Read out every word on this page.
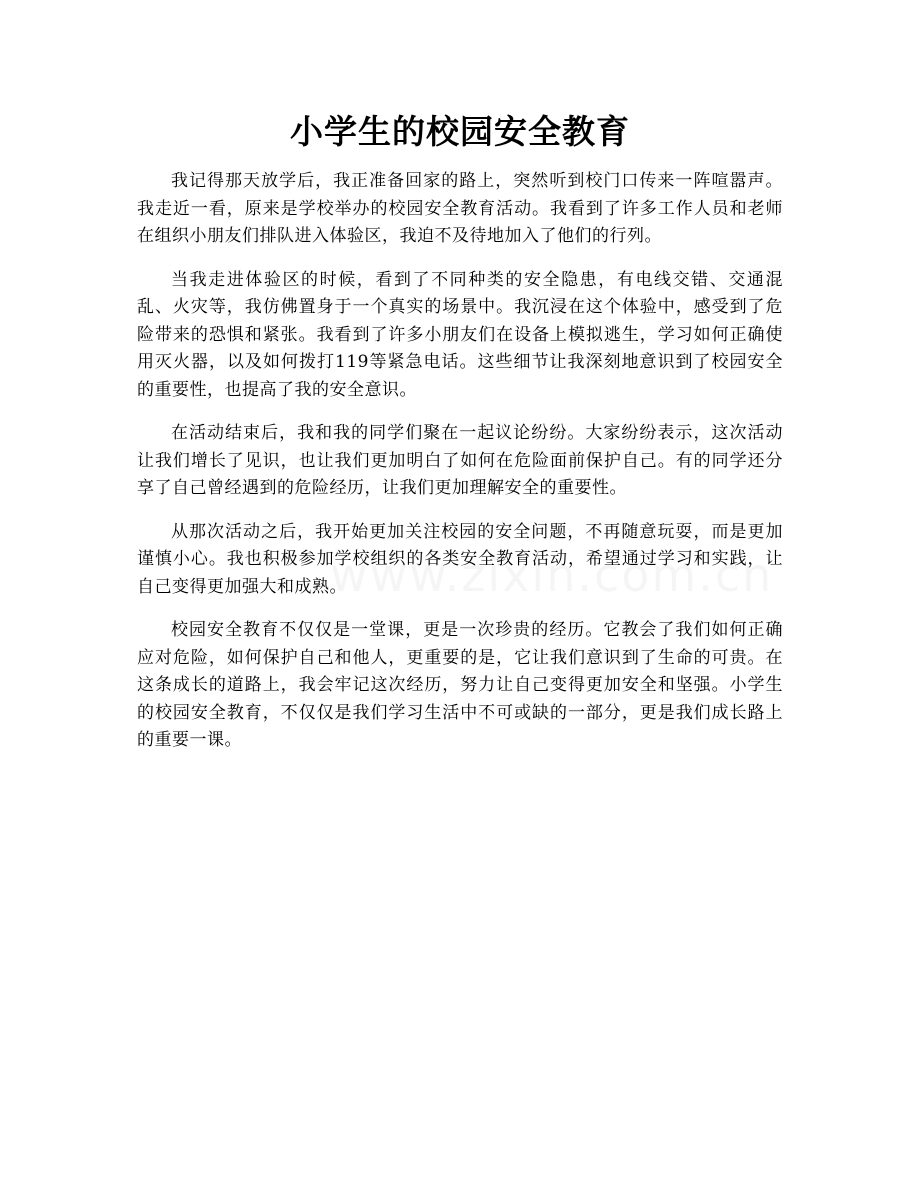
小学生的校园安全教育

我记得那天放学后，我正准备回家的路上，突然听到校门口传来一阵喧嚣声。我走近一看，原来是学校举办的校园安全教育活动。我看到了许多工作人员和老师在组织小朋友们排队进入体验区，我迫不及待地加入了他们的行列。

当我走进体验区的时候，看到了不同种类的安全隐患，有电线交错、交通混乱、火灾等，我仿佛置身于一个真实的场景中。我沉浸在这个体验中，感受到了危险带来的恐惧和紧张。我看到了许多小朋友们在设备上模拟逃生，学习如何正确使用灭火器，以及如何拨打119等紧急电话。这些细节让我深刻地意识到了校园安全的重要性，也提高了我的安全意识。

在活动结束后，我和我的同学们聚在一起议论纷纷。大家纷纷表示，这次活动让我们增长了见识，也让我们更加明白了如何在危险面前保护自己。有的同学还分享了自己曾经遇到的危险经历，让我们更加理解安全的重要性。

从那次活动之后，我开始更加关注校园的安全问题，不再随意玩耍，而是更加谨慎小心。我也积极参加学校组织的各类安全教育活动，希望通过学习和实践，让自己变得更加强大和成熟。

校园安全教育不仅仅是一堂课，更是一次珍贵的经历。它教会了我们如何正确应对危险，如何保护自己和他人，更重要的是，它让我们意识到了生命的可贵。在这条成长的道路上，我会牢记这次经历，努力让自己变得更加安全和坚强。小学生的校园安全教育，不仅仅是我们学习生活中不可或缺的一部分，更是我们成长路上的重要一课。
